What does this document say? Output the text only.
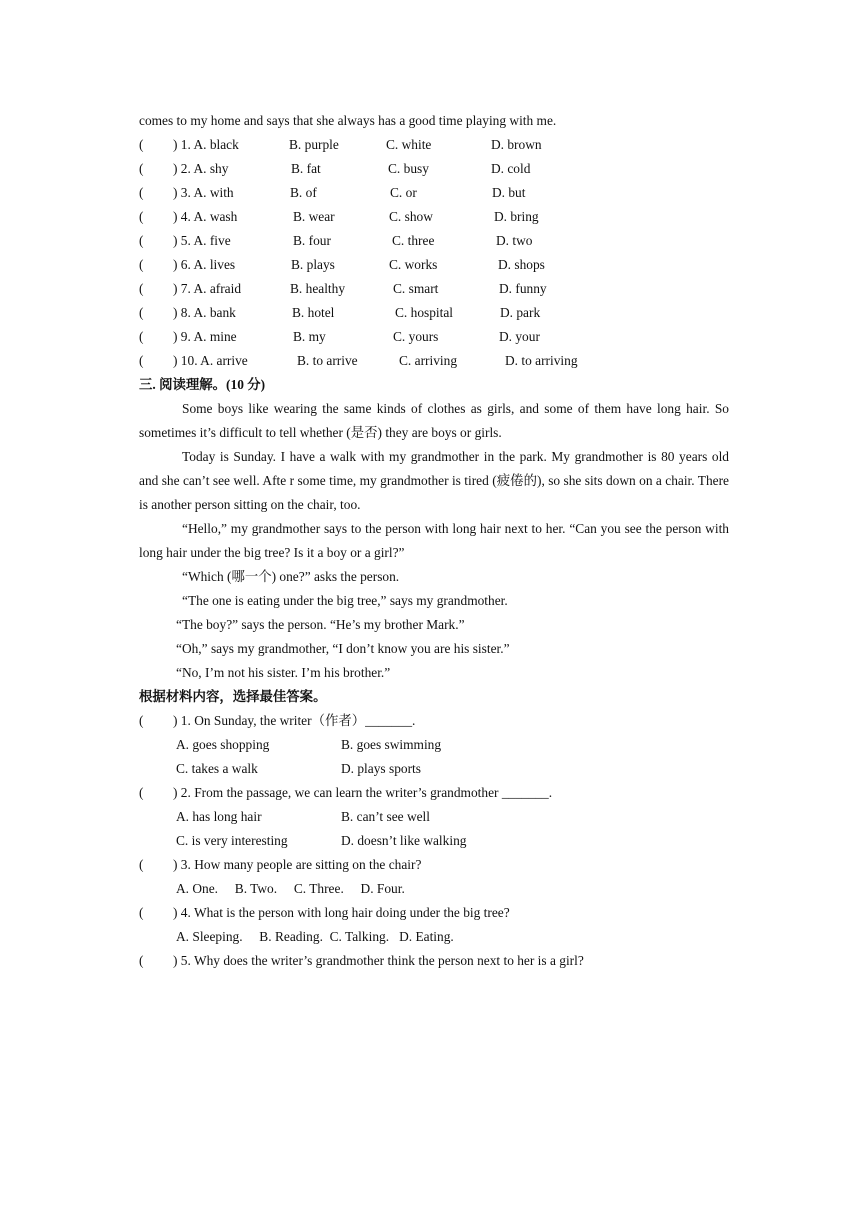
comes to my home and says that she always has a good time playing with me.
( ) 1. A. black	B. purple	C. white	D. brown
( ) 2. A. shy	B. fat	C. busy	D. cold
( ) 3. A. with	B. of	C. or	D. but
( ) 4. A. wash	B. wear	C. show	D. bring
( ) 5. A. five	B. four	C. three	D. two
( ) 6. A. lives	B. plays	C. works	D. shops
( ) 7. A. afraid	B. healthy	C. smart	D. funny
( ) 8. A. bank	B. hotel	C. hospital	D. park
( ) 9. A. mine	B. my	C. yours	D. your
( ) 10. A. arrive	B. to arrive	C. arriving	D. to arriving
三. 阅读理解。(10 分)
Some boys like wearing the same kinds of clothes as girls, and some of them have long hair. So sometimes it’s difficult to tell whether (是否) they are boys or girls.
Today is Sunday. I have a walk with my grandmother in the park. My grandmother is 80 years old and she can’t see well. Afte r some time, my grandmother is tired (疲倦的), so she sits down on a chair. There is another person sitting on the chair, too.
“Hello,” my grandmother says to the person with long hair next to her. “Can you see the person with long hair under the big tree? Is it a boy or a girl?”
“Which (哪一个) one?” asks the person.
“The one is eating under the big tree,” says my grandmother.
“The boy?” says the person. “He’s my brother Mark.”
“Oh,” says my grandmother, “I don’t know you are his sister.”
“No, I’m not his sister. I’m his brother.”
根据材料内容，选择最佳答案。
( ) 1. On Sunday, the writer（作者）_______.
A. goes shopping	B. goes swimming
C. takes a walk	D. plays sports
( ) 2. From the passage, we can learn the writer’s grandmother _______.
A. has long hair	B. can’t see well
C. is very interesting	D. doesn’t like walking
( ) 3. How many people are sitting on the chair?
A. One.     B. Two.     C. Three.     D. Four.
( ) 4. What is the person with long hair doing under the big tree?
A. Sleeping.     B. Reading.  C. Talking.   D. Eating.
( ) 5. Why does the writer’s grandmother think the person next to her is a girl?
